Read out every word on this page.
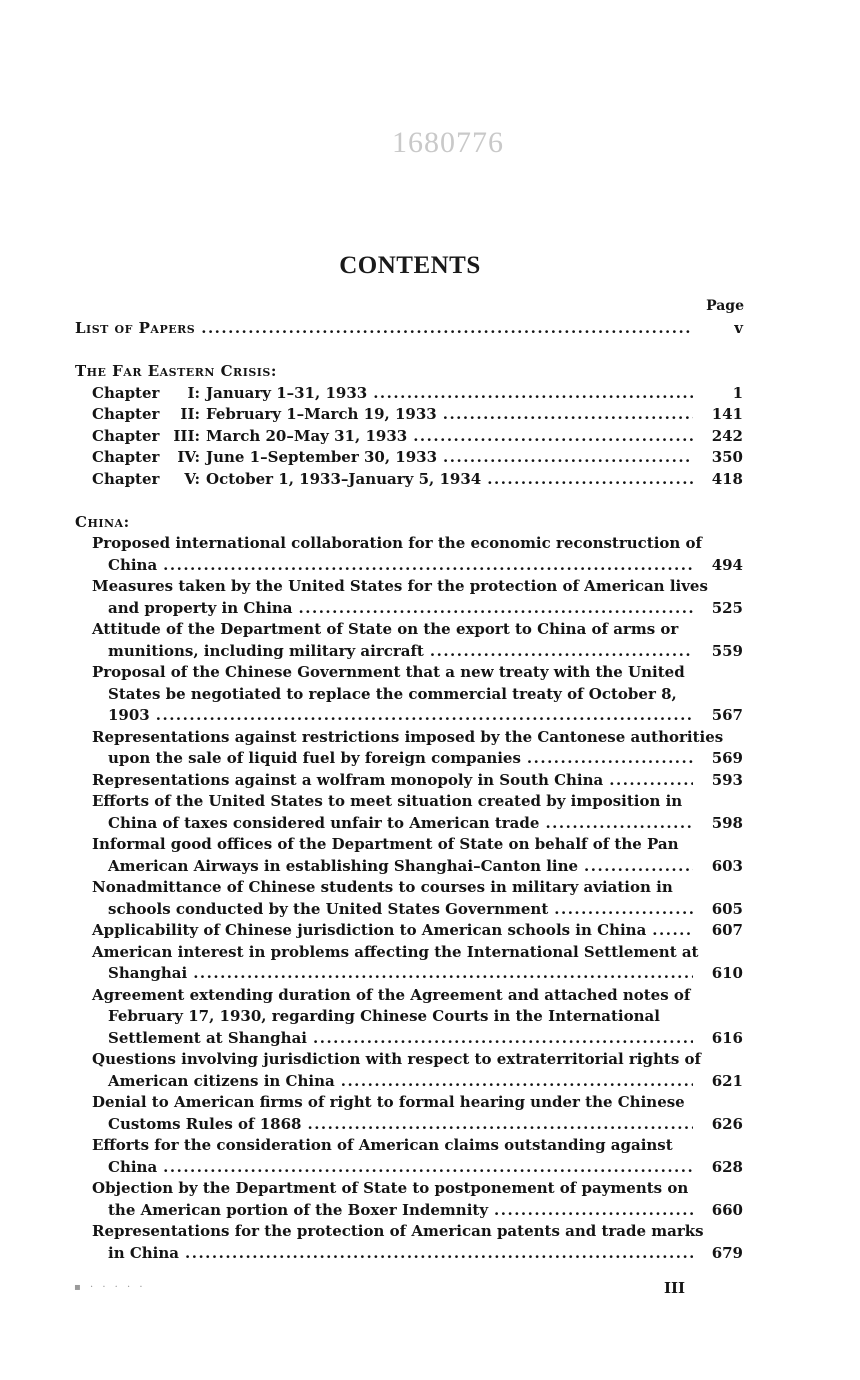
1680776
CONTENTS
Page
List of Papers .....	v
The Far Eastern Crisis:
Chapter I: January 1–31, 1933 .....	1
Chapter II: February 1–March 19, 1933 .....	141
Chapter III: March 20–May 31, 1933 .....	242
Chapter IV: June 1–September 30, 1933 .....	350
Chapter V: October 1, 1933–January 5, 1934 .....	418
China:
Proposed international collaboration for the economic reconstruction of
China .....	494
Measures taken by the United States for the protection of American lives
and property in China .....	525
Attitude of the Department of State on the export to China of arms or
munitions, including military aircraft .....	559
Proposal of the Chinese Government that a new treaty with the United
States be negotiated to replace the commercial treaty of October 8,
1903 .....	567
Representations against restrictions imposed by the Cantonese authorities
upon the sale of liquid fuel by foreign companies .....	569
Representations against a wolfram monopoly in South China .....	593
Efforts of the United States to meet situation created by imposition in
China of taxes considered unfair to American trade .....	598
Informal good offices of the Department of State on behalf of the Pan
American Airways in establishing Shanghai–Canton line .....	603
Nonadmittance of Chinese students to courses in military aviation in
schools conducted by the United States Government .....	605
Applicability of Chinese jurisdiction to American schools in China .....	607
American interest in problems affecting the International Settlement at
Shanghai .....	610
Agreement extending duration of the Agreement and attached notes of
February 17, 1930, regarding Chinese Courts in the International
Settlement at Shanghai .....	616
Questions involving jurisdiction with respect to extraterritorial rights of
American citizens in China .....	621
Denial to American firms of right to formal hearing under the Chinese
Customs Rules of 1868 .....	626
Efforts for the consideration of American claims outstanding against
China .....	628
Objection by the Department of State to postponement of payments on
the American portion of the Boxer Indemnity .....	660
Representations for the protection of American patents and trade marks
in China .....	679
▪ · · · · ·	III
